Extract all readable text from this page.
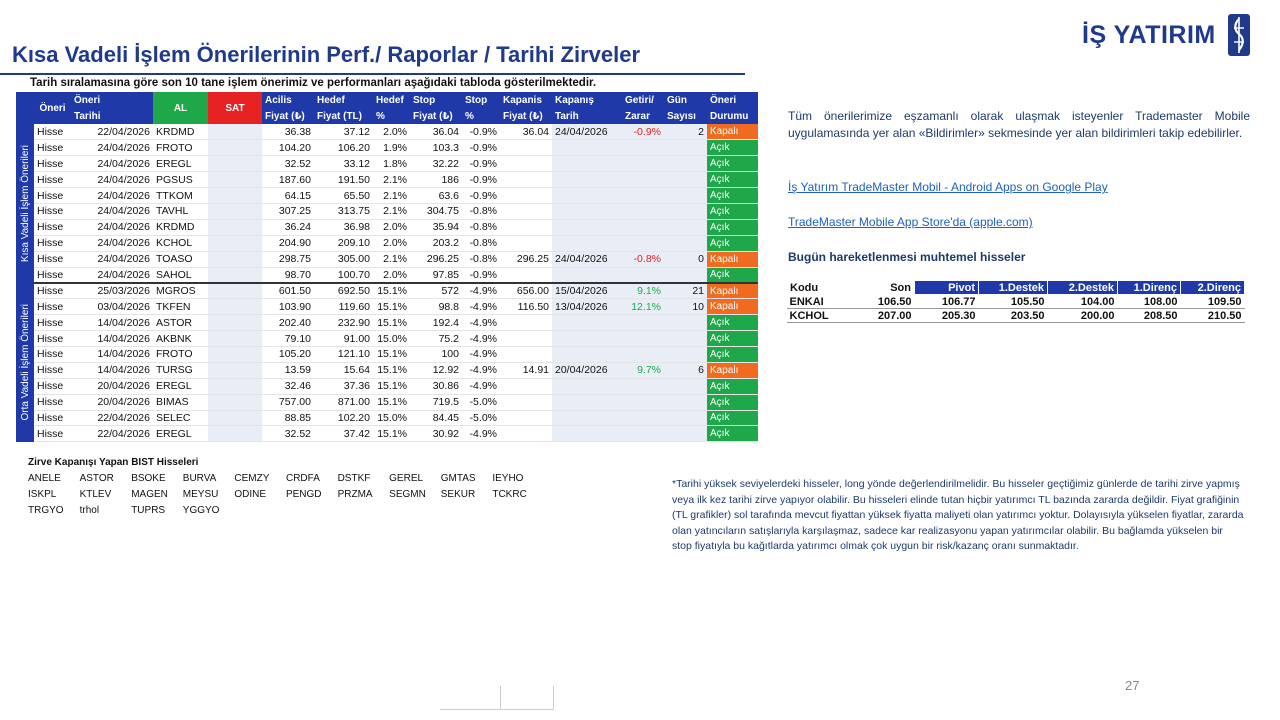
Kısa Vadeli İşlem Önerilerinin Perf./ Raporlar / Tarihi Zirveler
İŞ YATIRIM
Tarih sıralamasına göre son 10 tane işlem önerimiz ve performanları aşağıdaki tabloda gösterilmektedir.
	Öneri	Öneri	AL	SAT	Acilis	Hedef	Hedef	Stop	Stop	Kapanis	Kapanış	Getiri/	Gün	Öneri
		Tarihi			Fiyat (₺)	Fiyat (TL)	%	Fiyat (₺)	%	Fiyat (₺)	Tarih	Zarar	Sayısı	Durumu

Kısa Vadeli İşlem Önerileri	Hisse	22/04/2026	KRDMD		36.38	37.12	2.0%	36.04	-0.9%	36.04	24/04/2026	-0.9%	2	Kapalı
	Hisse	24/04/2026	FROTO		104.20	106.20	1.9%	103.3	-0.9%					Açık
	Hisse	24/04/2026	EREGL		32.52	33.12	1.8%	32.22	-0.9%					Açık
	Hisse	24/04/2026	PGSUS		187.60	191.50	2.1%	186	-0.9%					Açık
	Hisse	24/04/2026	TTKOM		64.15	65.50	2.1%	63.6	-0.9%					Açık
	Hisse	24/04/2026	TAVHL		307.25	313.75	2.1%	304.75	-0.8%					Açık
	Hisse	24/04/2026	KRDMD		36.24	36.98	2.0%	35.94	-0.8%					Açık
	Hisse	24/04/2026	KCHOL		204.90	209.10	2.0%	203.2	-0.8%					Açık
	Hisse	24/04/2026	TOASO		298.75	305.00	2.1%	296.25	-0.8%	296.25	24/04/2026	-0.8%	0	Kapalı
	Hisse	24/04/2026	SAHOL		98.70	100.70	2.0%	97.85	-0.9%					Açık

Orta Vadeli İşlem Önerileri	Hisse	25/03/2026	MGROS		601.50	692.50	15.1%	572	-4.9%	656.00	15/04/2026	9.1%	21	Kapalı
	Hisse	03/04/2026	TKFEN		103.90	119.60	15.1%	98.8	-4.9%	116.50	13/04/2026	12.1%	10	Kapalı
	Hisse	14/04/2026	ASTOR		202.40	232.90	15.1%	192.4	-4.9%					Açık
	Hisse	14/04/2026	AKBNK		79.10	91.00	15.0%	75.2	-4.9%					Açık
	Hisse	14/04/2026	FROTO		105.20	121.10	15.1%	100	-4.9%					Açık
	Hisse	14/04/2026	TURSG		13.59	15.64	15.1%	12.92	-4.9%	14.91	20/04/2026	9.7%	6	Kapalı
	Hisse	20/04/2026	EREGL		32.46	37.36	15.1%	30.86	-4.9%					Açık
	Hisse	20/04/2026	BIMAS		757.00	871.00	15.1%	719.5	-5.0%					Açık
	Hisse	22/04/2026	SELEC		88.85	102.20	15.0%	84.45	-5.0%					Açık
	Hisse	22/04/2026	EREGL		32.52	37.42	15.1%	30.92	-4.9%					Açık
Tüm önerilerimize eşzamanlı olarak ulaşmak isteyenler Trademaster Mobile uygulamasında yer alan «Bildirimler» sekmesinde yer alan bildirimleri takip edebilirler.
İş Yatırım TradeMaster Mobil - Android Apps on Google Play
TradeMaster Mobile App Store'da (apple.com)
Bugün hareketlenmesi muhtemel hisseler
Kodu	Son	Pivot	1.Destek	2.Destek	1.Direnç	2.Direnç
ENKAI	106.50	106.77	105.50	104.00	108.00	109.50
KCHOL	207.00	205.30	203.50	200.00	208.50	210.50
Zirve Kapanışı Yapan BIST Hisseleri
ANELE	ASTOR	BSOKE	BURVA	CEMZY	CRDFA	DSTKF	GEREL	GMTAS	IEYHO
ISKPL	KTLEV	MAGEN	MEYSU	ODINE	PENGD	PRZMA	SEGMN	SEKUR	TCKRC
TRGYO	trhol	TUPRS	YGGYO
*Tarihi yüksek seviyelerdeki hisseler, long yönde değerlendirilmelidir. Bu hisseler geçtiğimiz günlerde de tarihi zirve yapmış veya ilk kez tarihi zirve yapıyor olabilir. Bu hisseleri elinde tutan hiçbir yatırımcı TL bazında zararda değildir. Fiyat grafiğinin (TL grafikler) sol tarafında mevcut fiyattan yüksek fiyatta maliyeti olan yatırımcı yoktur. Dolayısıyla yükselen fiyatlar, zararda olan yatıncıların satışlarıyla karşılaşmaz, sadece kar realizasyonu yapan yatırımcılar olabilir. Bu bağlamda yükselen bir stop fiyatıyla bu kağıtlarda yatırımcı olmak çok uygun bir risk/kazanç oranı sunmaktadır.
27
